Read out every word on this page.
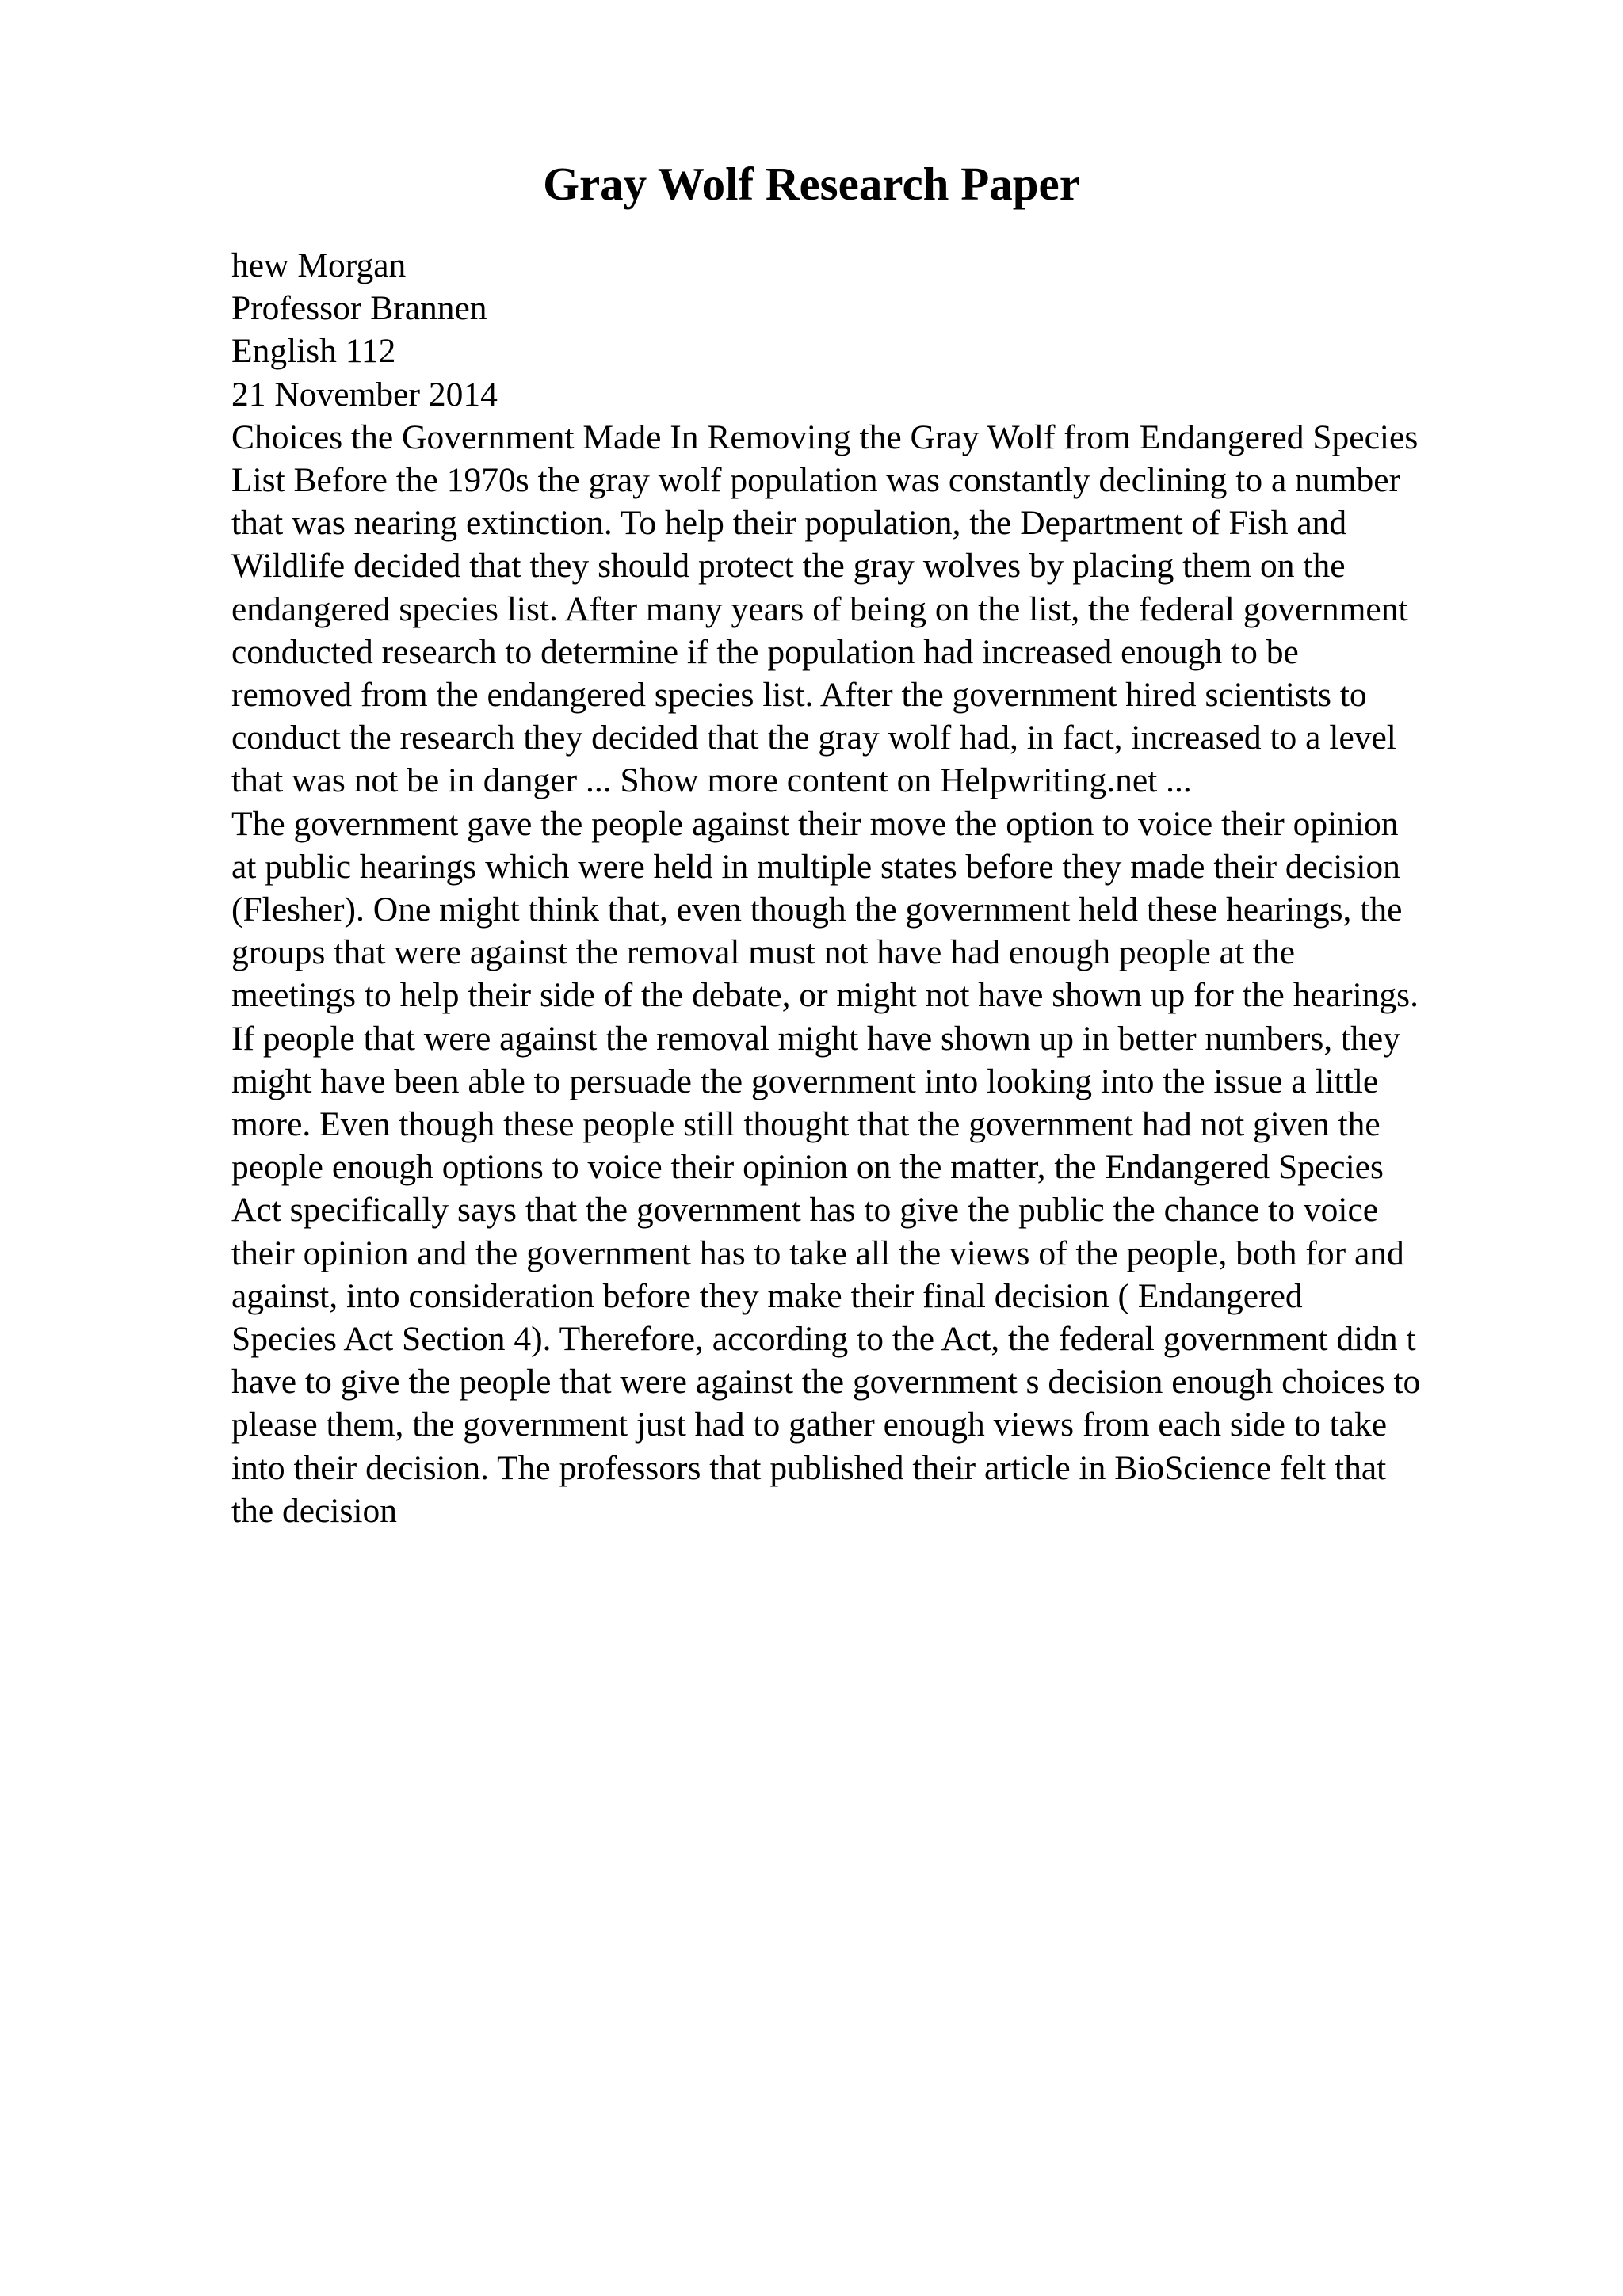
Gray Wolf Research Paper
hew Morgan
Professor Brannen
English 112
21 November 2014
Choices the Government Made In Removing the Gray Wolf from Endangered Species
List Before the 1970s the gray wolf population was constantly declining to a number
that was nearing extinction. To help their population, the Department of Fish and
Wildlife decided that they should protect the gray wolves by placing them on the
endangered species list. After many years of being on the list, the federal government
conducted research to determine if the population had increased enough to be
removed from the endangered species list. After the government hired scientists to
conduct the research they decided that the gray wolf had, in fact, increased to a level
that was not be in danger ... Show more content on Helpwriting.net ...
The government gave the people against their move the option to voice their opinion
at public hearings which were held in multiple states before they made their decision
(Flesher). One might think that, even though the government held these hearings, the
groups that were against the removal must not have had enough people at the
meetings to help their side of the debate, or might not have shown up for the hearings.
If people that were against the removal might have shown up in better numbers, they
might have been able to persuade the government into looking into the issue a little
more. Even though these people still thought that the government had not given the
people enough options to voice their opinion on the matter, the Endangered Species
Act specifically says that the government has to give the public the chance to voice
their opinion and the government has to take all the views of the people, both for and
against, into consideration before they make their final decision ( Endangered
Species Act Section 4). Therefore, according to the Act, the federal government didn t
have to give the people that were against the government s decision enough choices to
please them, the government just had to gather enough views from each side to take
into their decision. The professors that published their article in BioScience felt that
the decision
